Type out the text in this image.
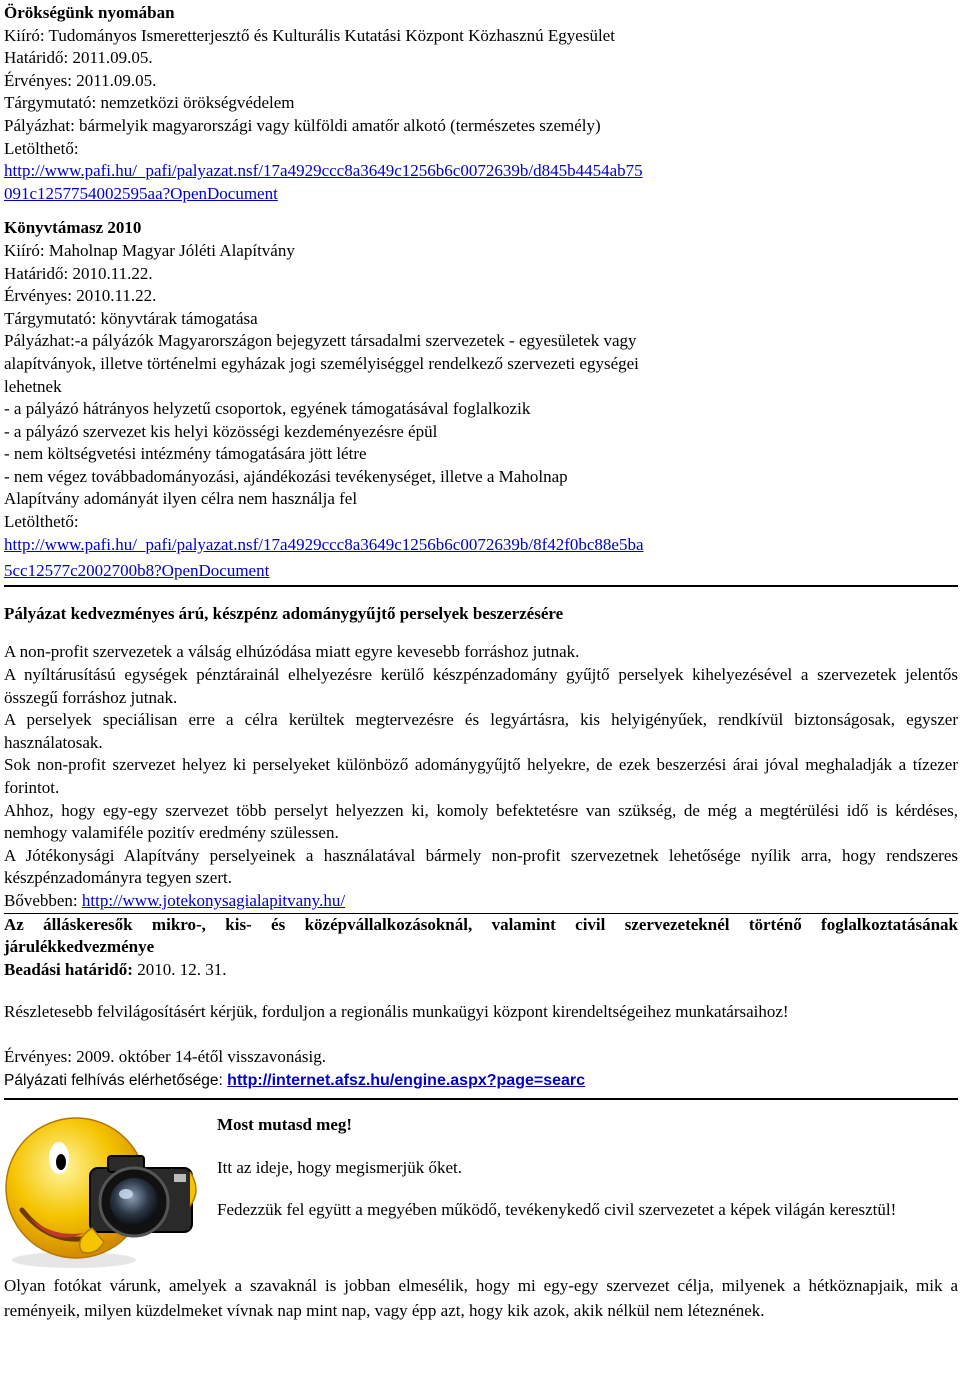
Örökségünk nyomában
Kiíró: Tudományos Ismeretterjesztő és Kulturális Kutatási Központ Közhasznú Egyesület
Határidő: 2011.09.05.
Érvényes: 2011.09.05.
Tárgymutató: nemzetközi örökségvédelem
Pályázhat: bármelyik magyarországi vagy külföldi amatőr alkotó (természetes személy)
Letölthető:
http://www.pafi.hu/_pafi/palyazat.nsf/17a4929ccc8a3649c1256b6c0072639b/d845b4454ab75
091c1257754002595aa?OpenDocument
Könyvtámasz 2010
Kiíró: Maholnap Magyar Jóléti Alapítvány
Határidő: 2010.11.22.
Érvényes: 2010.11.22.
Tárgymutató: könyvtárak támogatása
Pályázhat:-a pályázók Magyarországon bejegyzett társadalmi szervezetek - egyesületek vagy
alapítványok, illetve történelmi egyházak jogi személyiséggel rendelkező szervezeti egységei
lehetnek
- a pályázó hátrányos helyzetű csoportok, egyének támogatásával foglalkozik
- a pályázó szervezet kis helyi közösségi kezdeményezésre épül
- nem költségvetési intézmény támogatására jött létre
- nem végez továbbadományozási, ajándékozási tevékenységet, illetve a Maholnap
Alapítvány adományát ilyen célra nem használja fel
Letölthető:
http://www.pafi.hu/_pafi/palyazat.nsf/17a4929ccc8a3649c1256b6c0072639b/8f42f0bc88e5ba

5cc12577c2002700b8?OpenDocument
Pályázat kedvezményes árú, készpénz adománygyűjtő perselyek beszerzésére
A non-profit szervezetek a válság elhúzódása miatt egyre kevesebb forráshoz jutnak.
A nyíltárusítású egységek pénztárainál elhelyezésre kerülő készpénzadomány gyűjtő perselyek kihelyezésével a szervezetek jelentős összegű forráshoz jutnak.
A perselyek speciálisan erre a célra kerültek megtervezésre és legyártásra, kis helyigényűek, rendkívül biztonságosak, egyszer használatosak.
Sok non-profit szervezet helyez ki perselyeket különböző adománygyűjtő helyekre, de ezek beszerzési árai jóval meghaladják a tízezer forintot.
Ahhoz, hogy egy-egy szervezet több perselyt helyezzen ki, komoly befektetésre van szükség, de még a megtérülési idő is kérdéses, nemhogy valamiféle pozitív eredmény szülessen.
A Jótékonysági Alapítvány perselyeinek a használatával bármely non-profit szervezetnek lehetősége nyílik arra, hogy rendszeres készpénzadományra tegyen szert.
Bővebben: http://www.jotekonysagialapitvany.hu/
Az álláskeresők mikro-, kis- és középvállalkozásoknál, valamint civil szervezeteknél történő foglalkoztatásának járulékkedvezménye
Beadási határidő: 2010. 12. 31.
Részletesebb felvilágosításért kérjük, forduljon a regionális munkaügyi központ kirendeltségeihez munkatársaihoz!
Érvényes: 2009. október 14-étől visszavonásig.
Pályázati felhívás elérhetősége: http://internet.afsz.hu/engine.aspx?page=searc
Most mutasd meg!
Itt az ideje, hogy megismerjük őket.
Fedezzük fel együtt a megyében működő, tevékenykedő civil szervezetet a képek világán keresztül!
Olyan fotókat várunk, amelyek a szavaknál is jobban elmesélik, hogy mi egy-egy szervezet célja, milyenek a hétköznapjaik, mik a reményeik, milyen küzdelmeket vívnak nap mint nap, vagy épp azt, hogy kik azok, akik nélkül nem léteznének.
